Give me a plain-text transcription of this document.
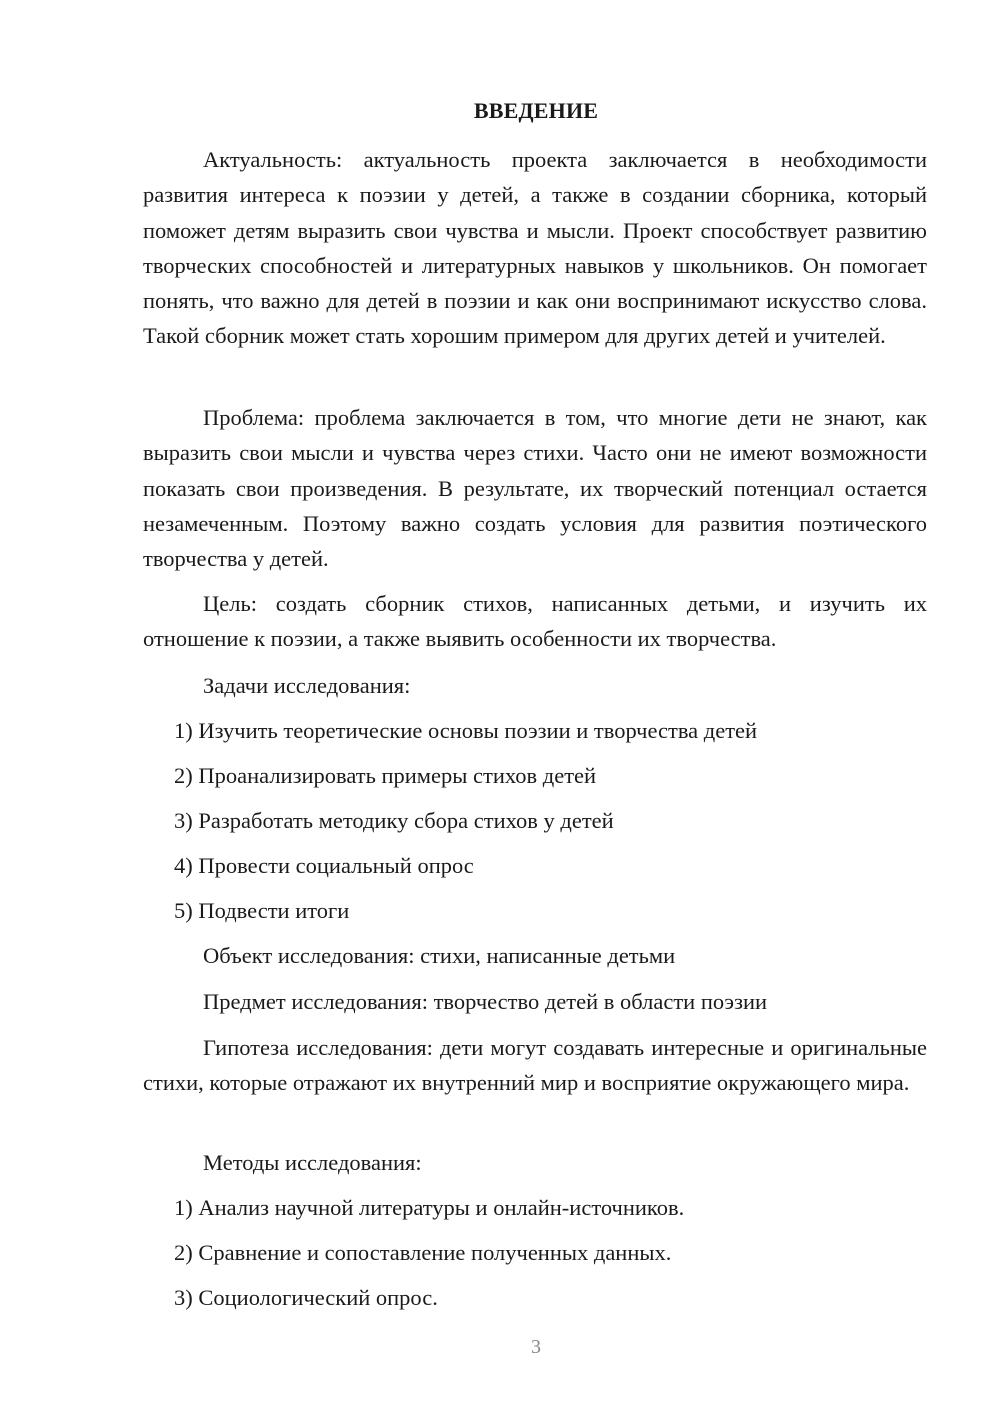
ВВЕДЕНИЕ

Актуальность: актуальность проекта заключается в необходимости развития интереса к поэзии у детей, а также в создании сборника, который поможет детям выразить свои чувства и мысли. Проект способствует развитию творческих способностей и литературных навыков у школьников. Он помогает понять, что важно для детей в поэзии и как они воспринимают искусство слова. Такой сборник может стать хорошим примером для других детей и учителей.

Проблема: проблема заключается в том, что многие дети не знают, как выразить свои мысли и чувства через стихи. Часто они не имеют возможности показать свои произведения. В результате, их творческий потенциал остается незамеченным. Поэтому важно создать условия для развития поэтического творчества у детей.

Цель: создать сборник стихов, написанных детьми, и изучить их отношение к поэзии, а также выявить особенности их творчества.

Задачи исследования:

1) Изучить теоретические основы поэзии и творчества детей

2) Проанализировать примеры стихов детей

3) Разработать методику сбора стихов у детей

4) Провести социальный опрос

5) Подвести итоги

Объект исследования: стихи, написанные детьми

Предмет исследования: творчество детей в области поэзии

Гипотеза исследования: дети могут создавать интересные и оригинальные стихи, которые отражают их внутренний мир и восприятие окружающего мира.

Методы исследования:

1) Анализ научной литературы и онлайн-источников.

2) Сравнение и сопоставление полученных данных.

3) Социологический опрос.

3
